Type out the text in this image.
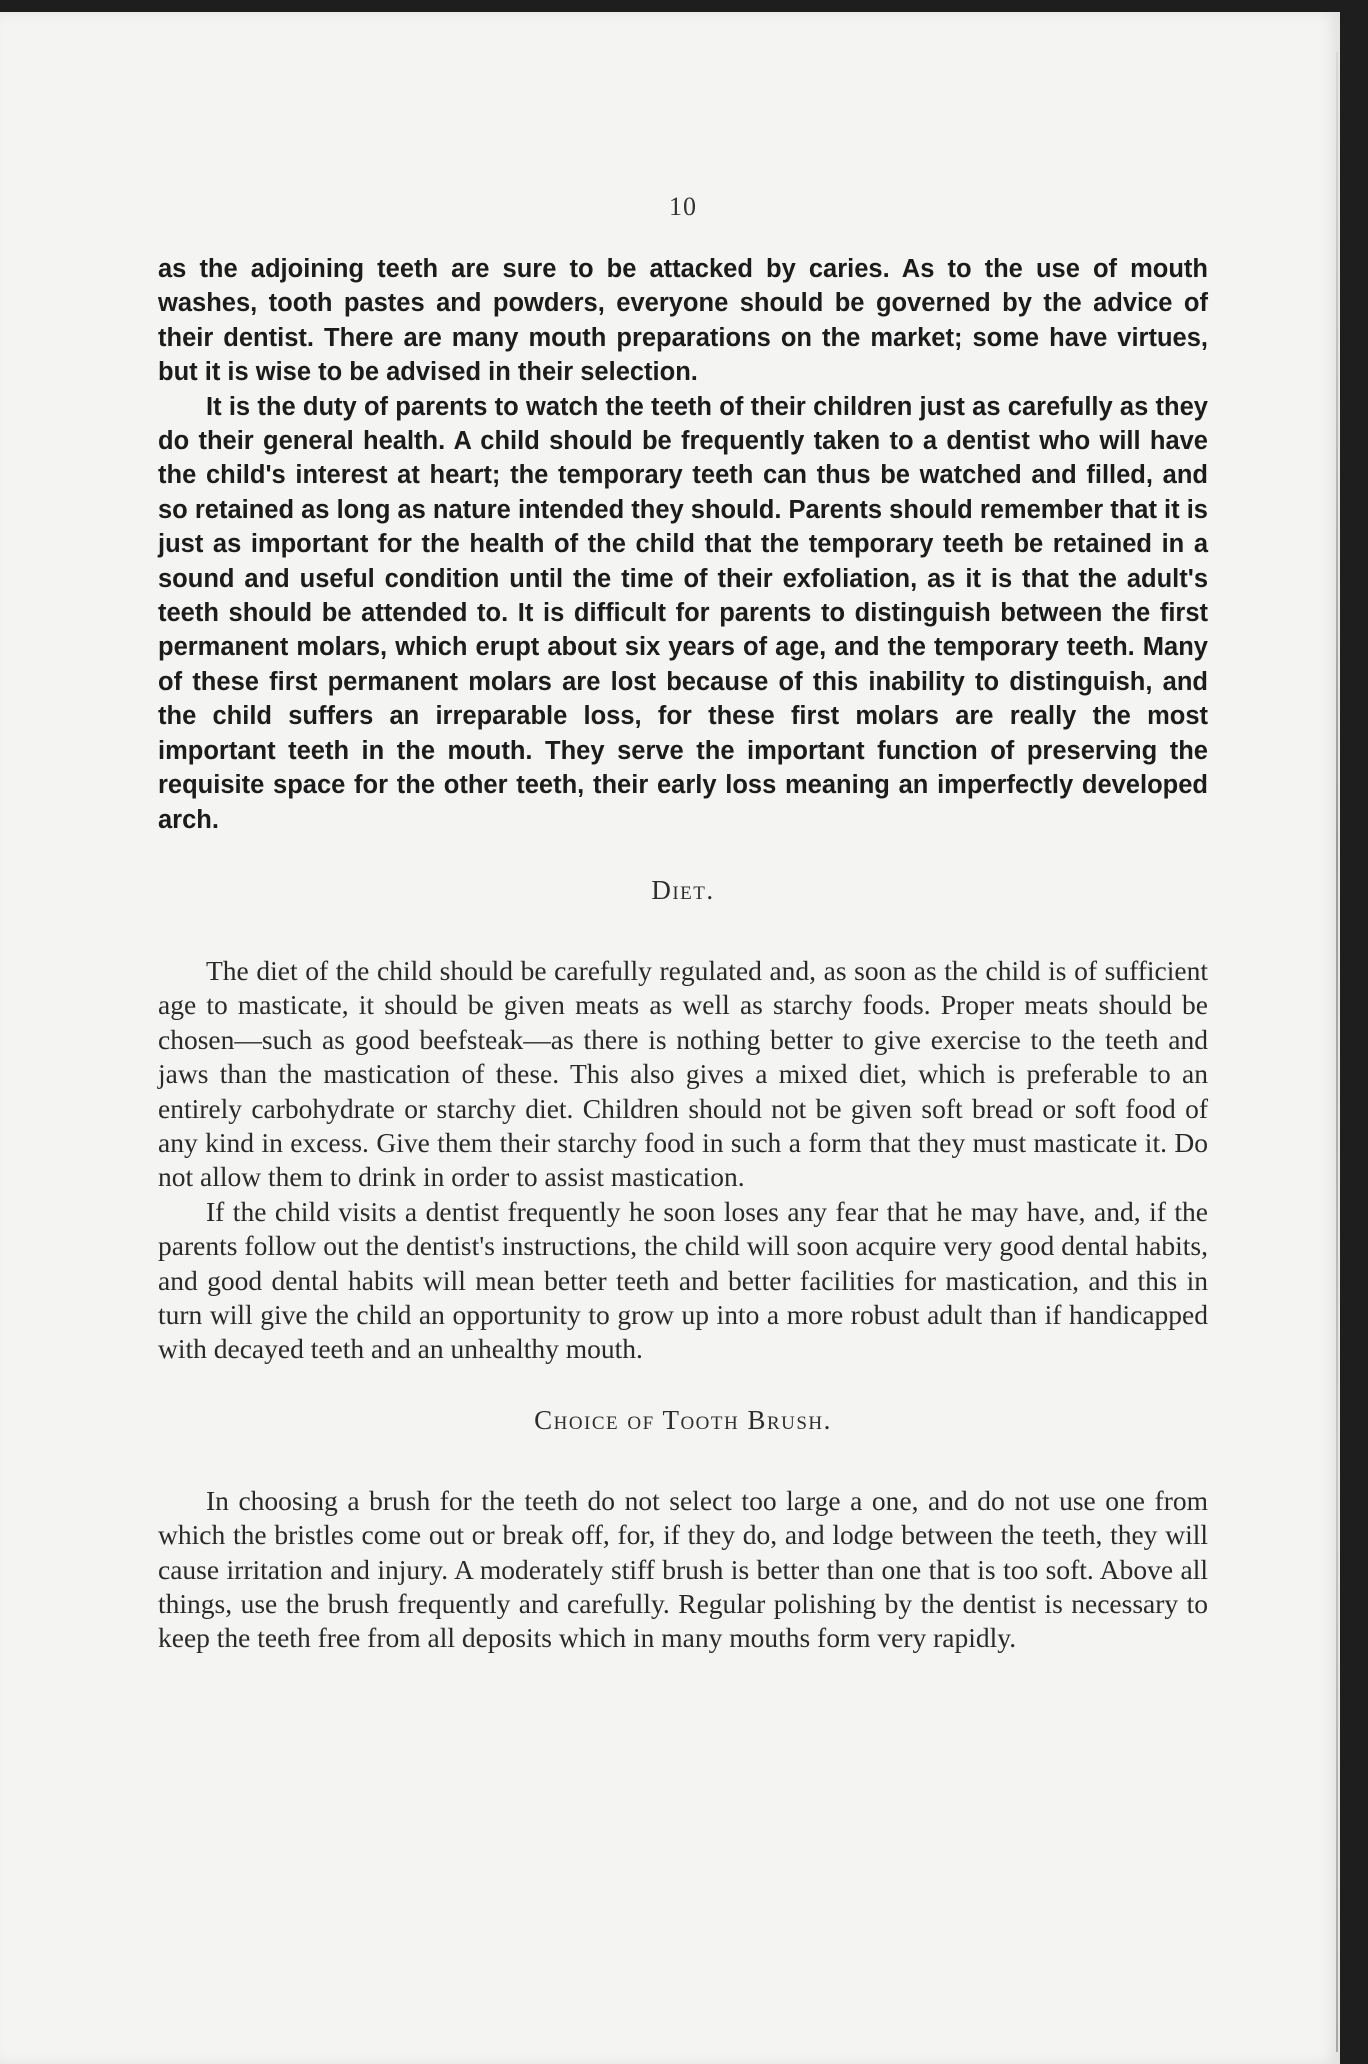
10

as the adjoining teeth are sure to be attacked by caries. As to the use of mouth washes, tooth pastes and powders, everyone should be governed by the advice of their dentist. There are many mouth preparations on the market; some have virtues, but it is wise to be advised in their selection.

It is the duty of parents to watch the teeth of their children just as carefully as they do their general health. A child should be frequently taken to a dentist who will have the child's interest at heart; the temporary teeth can thus be watched and filled, and so retained as long as nature intended they should. Parents should remember that it is just as important for the health of the child that the temporary teeth be retained in a sound and useful condition until the time of their exfoliation, as it is that the adult's teeth should be attended to. It is difficult for parents to distinguish between the first permanent molars, which erupt about six years of age, and the temporary teeth. Many of these first permanent molars are lost because of this inability to distinguish, and the child suffers an irreparable loss, for these first molars are really the most important teeth in the mouth. They serve the important function of preserving the requisite space for the other teeth, their early loss meaning an imperfectly developed arch.

Diet.

The diet of the child should be carefully regulated and, as soon as the child is of sufficient age to masticate, it should be given meats as well as starchy foods. Proper meats should be chosen—such as good beefsteak—as there is nothing better to give exercise to the teeth and jaws than the mastication of these. This also gives a mixed diet, which is preferable to an entirely carbohydrate or starchy diet. Children should not be given soft bread or soft food of any kind in excess. Give them their starchy food in such a form that they must masticate it. Do not allow them to drink in order to assist mastication.

If the child visits a dentist frequently he soon loses any fear that he may have, and, if the parents follow out the dentist's instructions, the child will soon acquire very good dental habits, and good dental habits will mean better teeth and better facilities for mastication, and this in turn will give the child an opportunity to grow up into a more robust adult than if handicapped with decayed teeth and an unhealthy mouth.

Choice of Tooth Brush.

In choosing a brush for the teeth do not select too large a one, and do not use one from which the bristles come out or break off, for, if they do, and lodge between the teeth, they will cause irritation and injury. A moderately stiff brush is better than one that is too soft. Above all things, use the brush frequently and carefully. Regular polishing by the dentist is necessary to keep the teeth free from all deposits which in many mouths form very rapidly.
